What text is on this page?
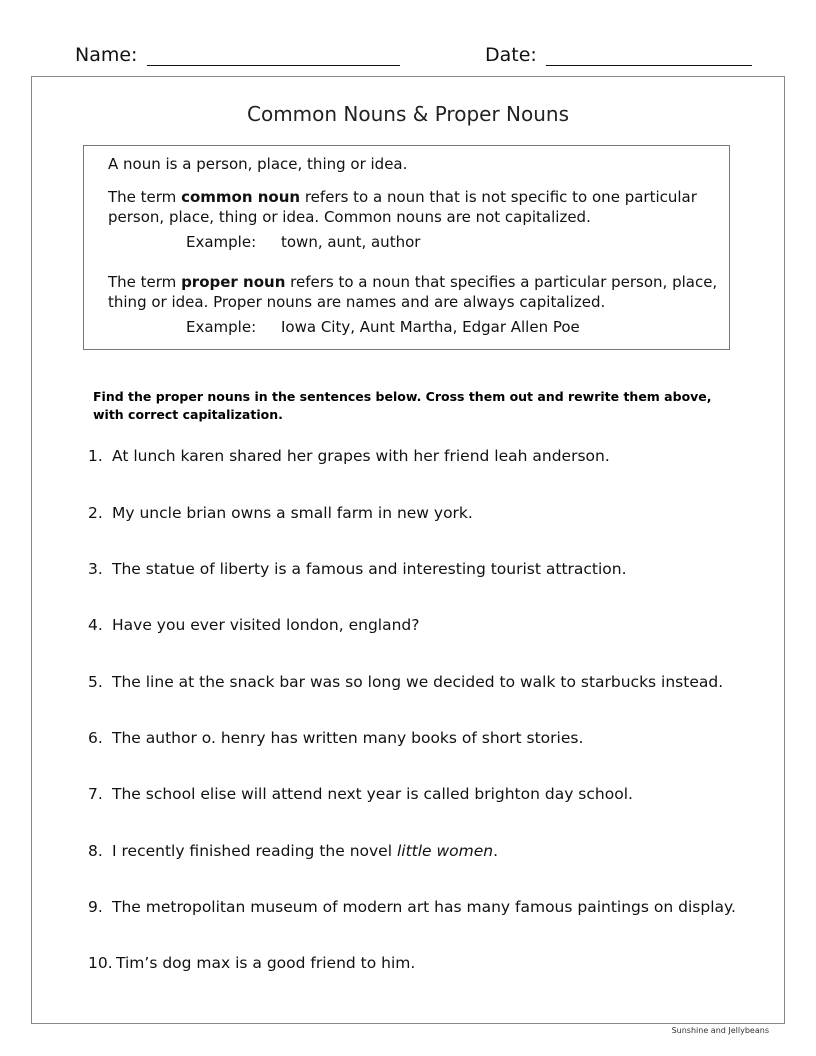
Name:	Date:
Common Nouns & Proper Nouns
A noun is a person, place, thing or idea.
The term common noun refers to a noun that is not specific to one particular person, place, thing or idea. Common nouns are not capitalized.
Example: town, aunt, author
The term proper noun refers to a noun that specifies a particular person, place, thing or idea. Proper nouns are names and are always capitalized.
Example: Iowa City, Aunt Martha, Edgar Allen Poe
Find the proper nouns in the sentences below. Cross them out and rewrite them above, with correct capitalization.
1. At lunch karen shared her grapes with her friend leah anderson.
2. My uncle brian owns a small farm in new york.
3. The statue of liberty is a famous and interesting tourist attraction.
4. Have you ever visited london, england?
5. The line at the snack bar was so long we decided to walk to starbucks instead.
6. The author o. henry has written many books of short stories.
7. The school elise will attend next year is called brighton day school.
8. I recently finished reading the novel little women.
9. The metropolitan museum of modern art has many famous paintings on display.
10. Tim’s dog max is a good friend to him.
Sunshine and Jellybeans
